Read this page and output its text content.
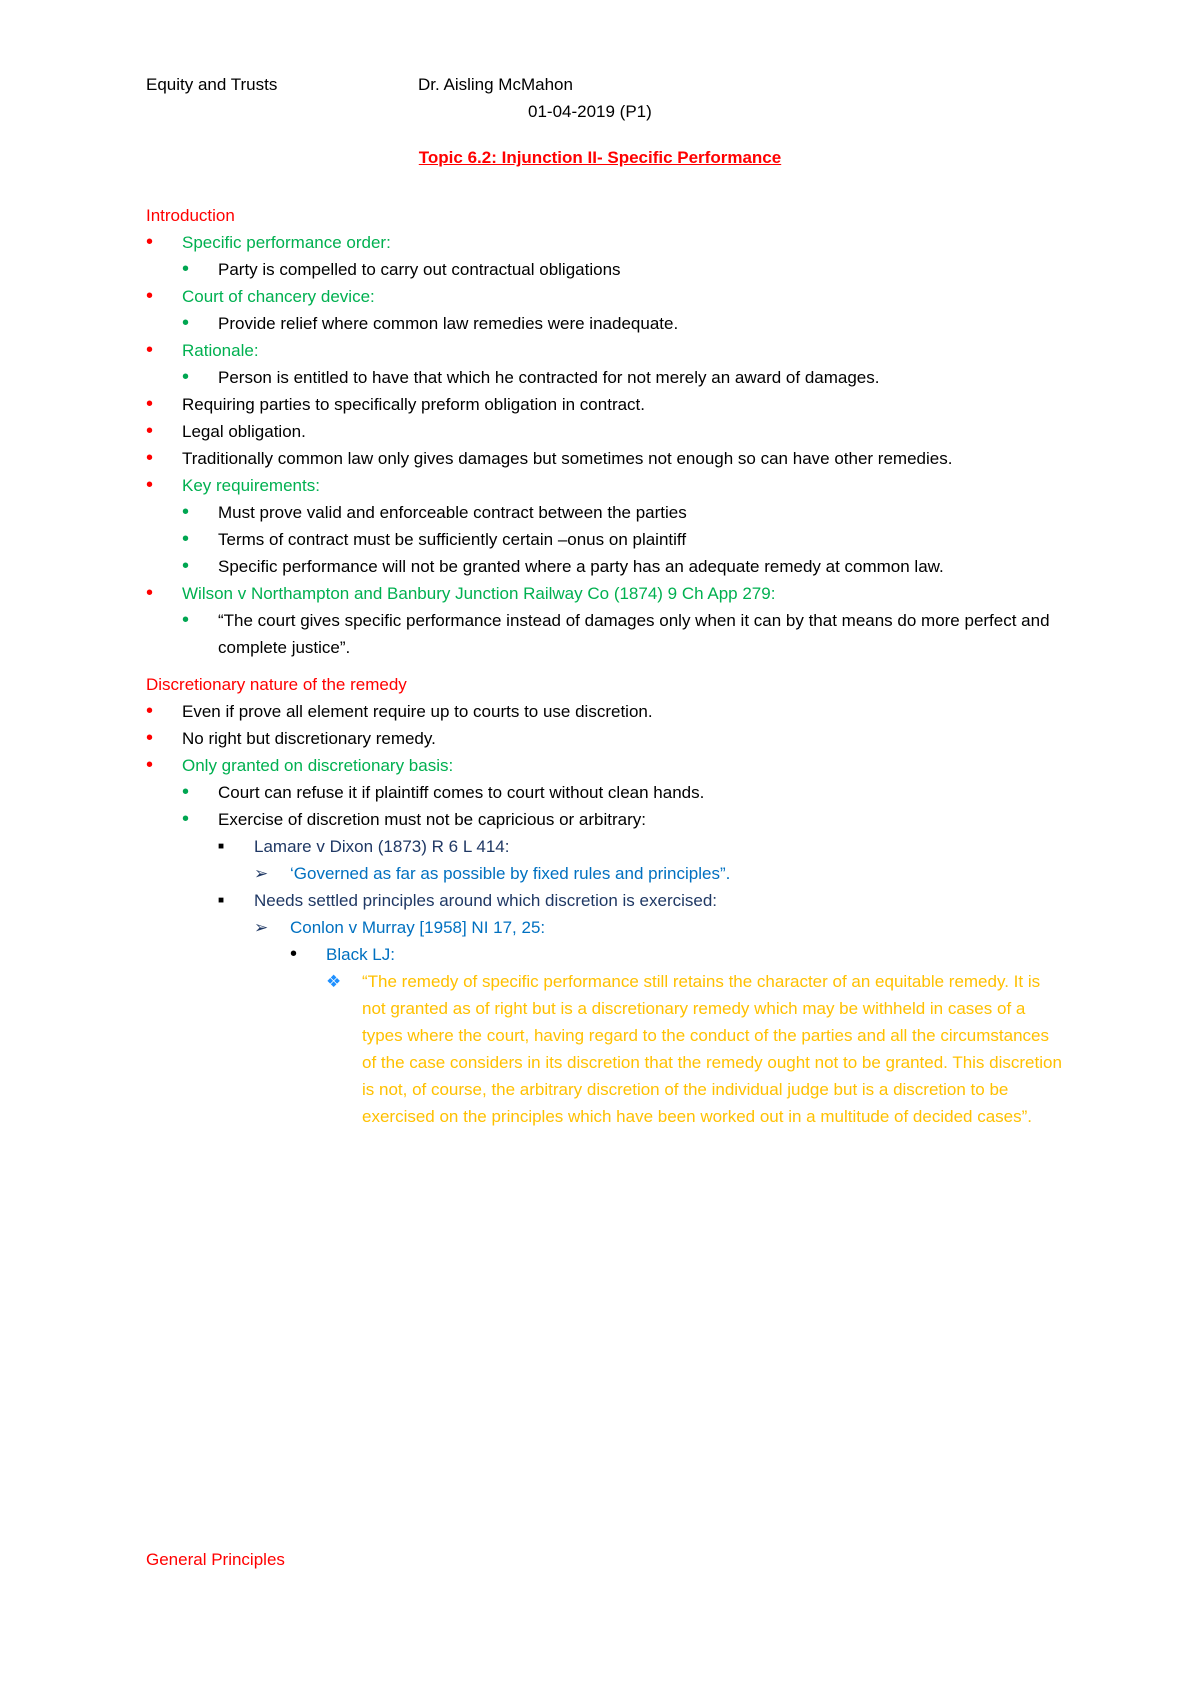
Equity and Trusts	Dr. Aisling McMahon
01-04-2019 (P1)
Topic 6.2: Injunction II- Specific Performance
Introduction
•	Specific performance order:
•	Party is compelled to carry out contractual obligations
•	Court of chancery device:
•	Provide relief where common law remedies were inadequate.
•	Rationale:
•	Person is entitled to have that which he contracted for not merely an award of damages.
•	Requiring parties to specifically preform obligation in contract.
•	Legal obligation.
•	Traditionally common law only gives damages but sometimes not enough so can have other remedies.
•	Key requirements:
•	Must prove valid and enforceable contract between the parties
•	Terms of contract must be sufficiently certain –onus on plaintiff
•	Specific performance will not be granted where a party has an adequate remedy at common law.
•	Wilson v Northampton and Banbury Junction Railway Co (1874) 9 Ch App 279:
•	“The court gives specific performance instead of damages only when it can by that means do more perfect and complete justice”.
Discretionary nature of the remedy
•	Even if prove all element require up to courts to use discretion.
•	No right but discretionary remedy.
•	Only granted on discretionary basis:
•	Court can refuse it if plaintiff comes to court without clean hands.
•	Exercise of discretion must not be capricious or arbitrary:
■	Lamare v Dixon (1873) R 6 L 414:
➢	‘Governed as far as possible by fixed rules and principles”.
■	Needs settled principles around which discretion is exercised:
➢	Conlon v Murray [1958] NI 17, 25:
•	Black LJ:
❖ “The remedy of specific performance still retains the character of an equitable remedy. It is not granted as of right but is a discretionary remedy which may be withheld in cases of a types where the court, having regard to the conduct of the parties and all the circumstances of the case considers in its discretion that the remedy ought not to be granted. This discretion is not, of course, the arbitrary discretion of the individual judge but is a discretion to be exercised on the principles which have been worked out in a multitude of decided cases”.
General Principles
